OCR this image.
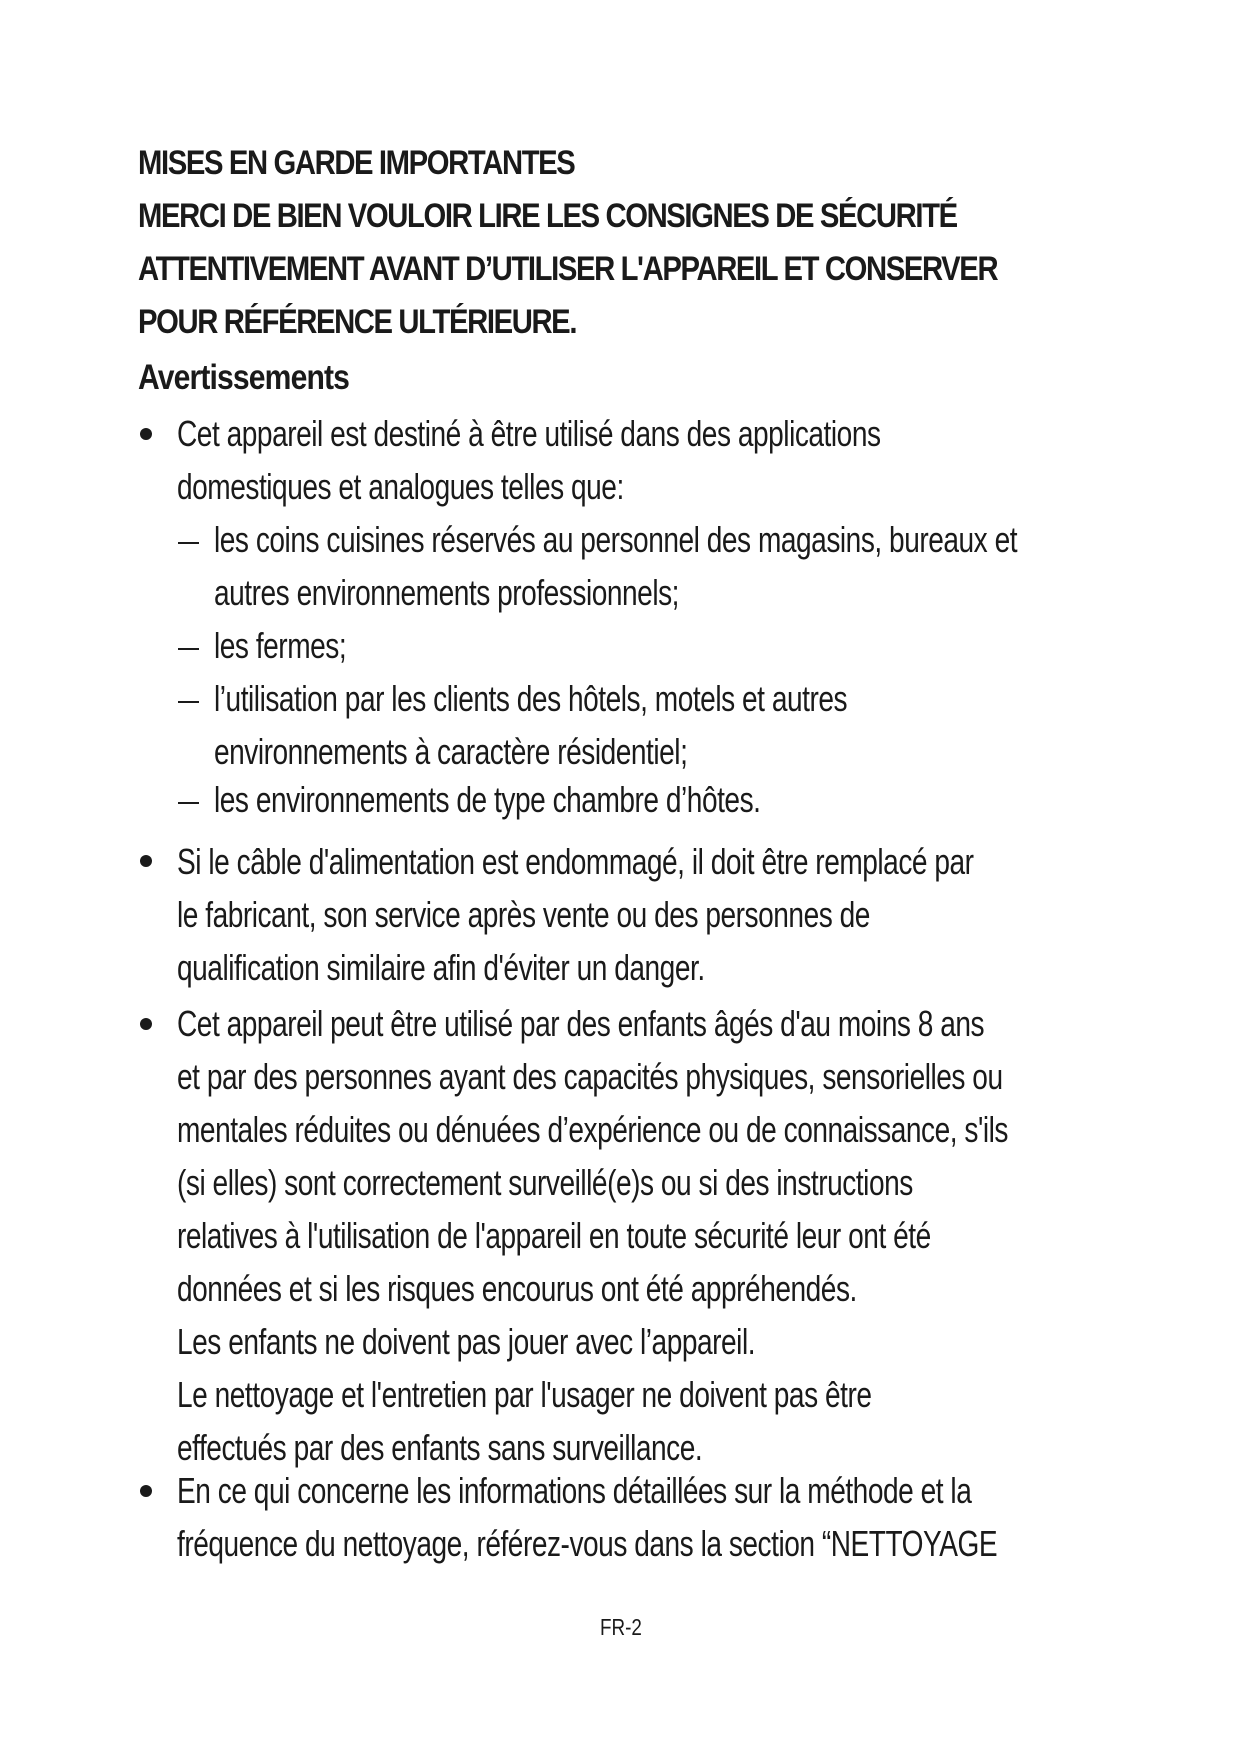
MISES EN GARDE IMPORTANTES
MERCI DE BIEN VOULOIR LIRE LES CONSIGNES DE SÉCURITÉ
ATTENTIVEMENT AVANT D’UTILISER L'APPAREIL ET CONSERVER
POUR RÉFÉRENCE ULTÉRIEURE.
Avertissements
Cet appareil est destiné à être utilisé dans des applications
domestiques et analogues telles que:
les coins cuisines réservés au personnel des magasins, bureaux et
autres environnements professionnels;
les fermes;
l’utilisation par les clients des hôtels, motels et autres
environnements à caractère résidentiel;
les environnements de type chambre d’hôtes.
Si le câble d'alimentation est endommagé, il doit être remplacé par
le fabricant, son service après vente ou des personnes de
qualification similaire afin d'éviter un danger.
Cet appareil peut être utilisé par des enfants âgés d'au moins 8 ans
et par des personnes ayant des capacités physiques, sensorielles ou
mentales réduites ou dénuées d’expérience ou de connaissance, s'ils
(si elles) sont correctement surveillé(e)s ou si des instructions
relatives à l'utilisation de l'appareil en toute sécurité leur ont été
données et si les risques encourus ont été appréhendés.
Les enfants ne doivent pas jouer avec l’appareil.
Le nettoyage et l'entretien par l'usager ne doivent pas être
effectués par des enfants sans surveillance.
En ce qui concerne les informations détaillées sur la méthode et la
fréquence du nettoyage, référez-vous dans la section “NETTOYAGE
FR-2
